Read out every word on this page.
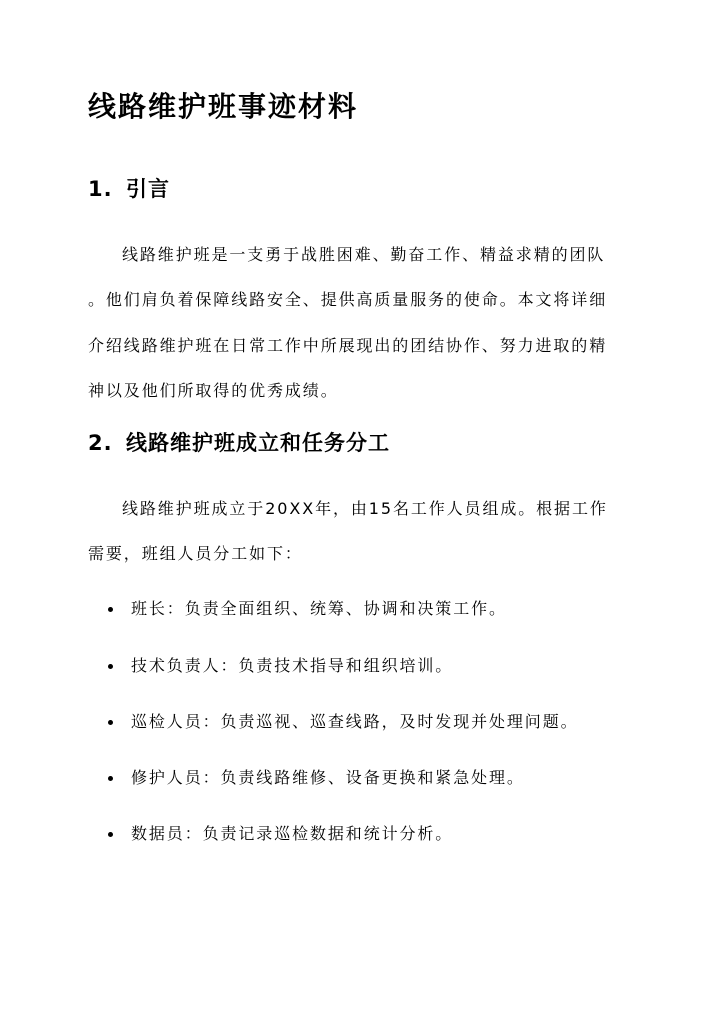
线路维护班事迹材料
1. 引言
线路维护班是一支勇于战胜困难、勤奋工作、精益求精的团队
。他们肩负着保障线路安全、提供高质量服务的使命。本文将详细
介绍线路维护班在日常工作中所展现出的团结协作、努力进取的精
神以及他们所取得的优秀成绩。
2. 线路维护班成立和任务分工
线路维护班成立于20XX年，由15名工作人员组成。根据工作
需要，班组人员分工如下：
班长：负责全面组织、统筹、协调和决策工作。
技术负责人：负责技术指导和组织培训。
巡检人员：负责巡视、巡查线路，及时发现并处理问题。
修护人员：负责线路维修、设备更换和紧急处理。
数据员：负责记录巡检数据和统计分析。
